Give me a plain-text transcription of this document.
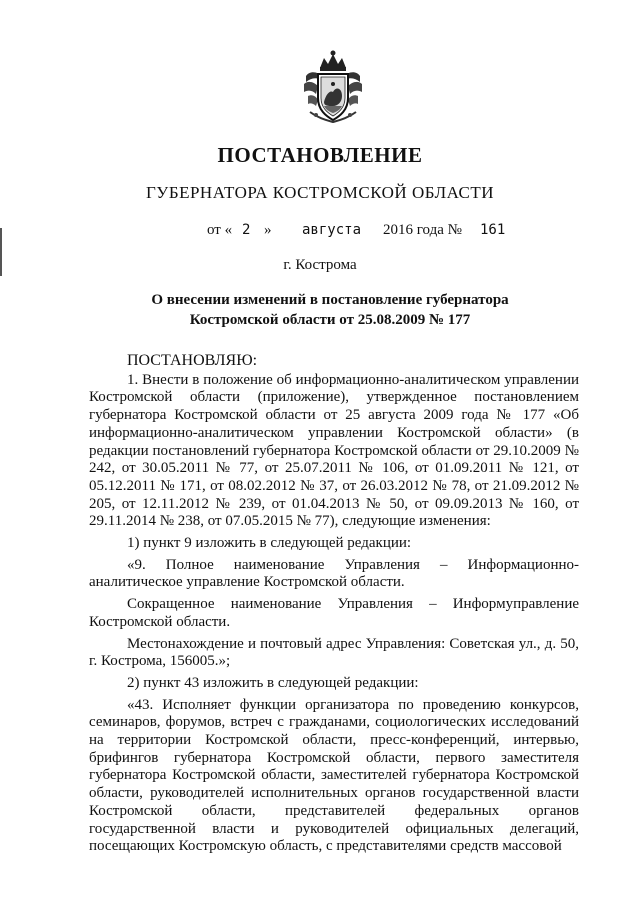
ПОСТАНОВЛЕНИЕ
ГУБЕРНАТОРА КОСТРОМСКОЙ ОБЛАСТИ
от « 2 » августа 2016 года № 161
г. Кострома
О внесении изменений в постановление губернатора
Костромской области от 25.08.2009 № 177

ПОСТАНОВЛЯЮ:

1. Внести в положение об информационно-аналитическом управлении Костромской области (приложение), утвержденное постановлением губернатора Костромской области от 25 августа 2009 года № 177 «Об информационно-аналитическом управлении Костромской области» (в редакции постановлений губернатора Костромской области от 29.10.2009 № 242, от 30.05.2011 № 77, от 25.07.2011 № 106, от 01.09.2011 № 121, от 05.12.2011 № 171, от 08.02.2012 № 37, от 26.03.2012 № 78, от 21.09.2012 № 205, от 12.11.2012 № 239, от 01.04.2013 № 50, от 09.09.2013 № 160, от 29.11.2014 № 238, от 07.05.2015 № 77), следующие изменения:

1) пункт 9 изложить в следующей редакции:

«9. Полное наименование Управления – Информационно-аналитическое управление Костромской области.

Сокращенное наименование Управления – Информуправление Костромской области.

Местонахождение и почтовый адрес Управления: Советская ул., д. 50, г. Кострома, 156005.»;

2) пункт 43 изложить в следующей редакции:

«43. Исполняет функции организатора по проведению конкурсов, семинаров, форумов, встреч с гражданами, социологических исследований на территории Костромской области, пресс-конференций, интервью, брифингов губернатора Костромской области, первого заместителя губернатора Костромской области, заместителей губернатора Костромской области, руководителей исполнительных органов государственной власти Костромской области, представителей федеральных органов государственной власти и руководителей официальных делегаций, посещающих Костромскую область, с представителями средств массовой
